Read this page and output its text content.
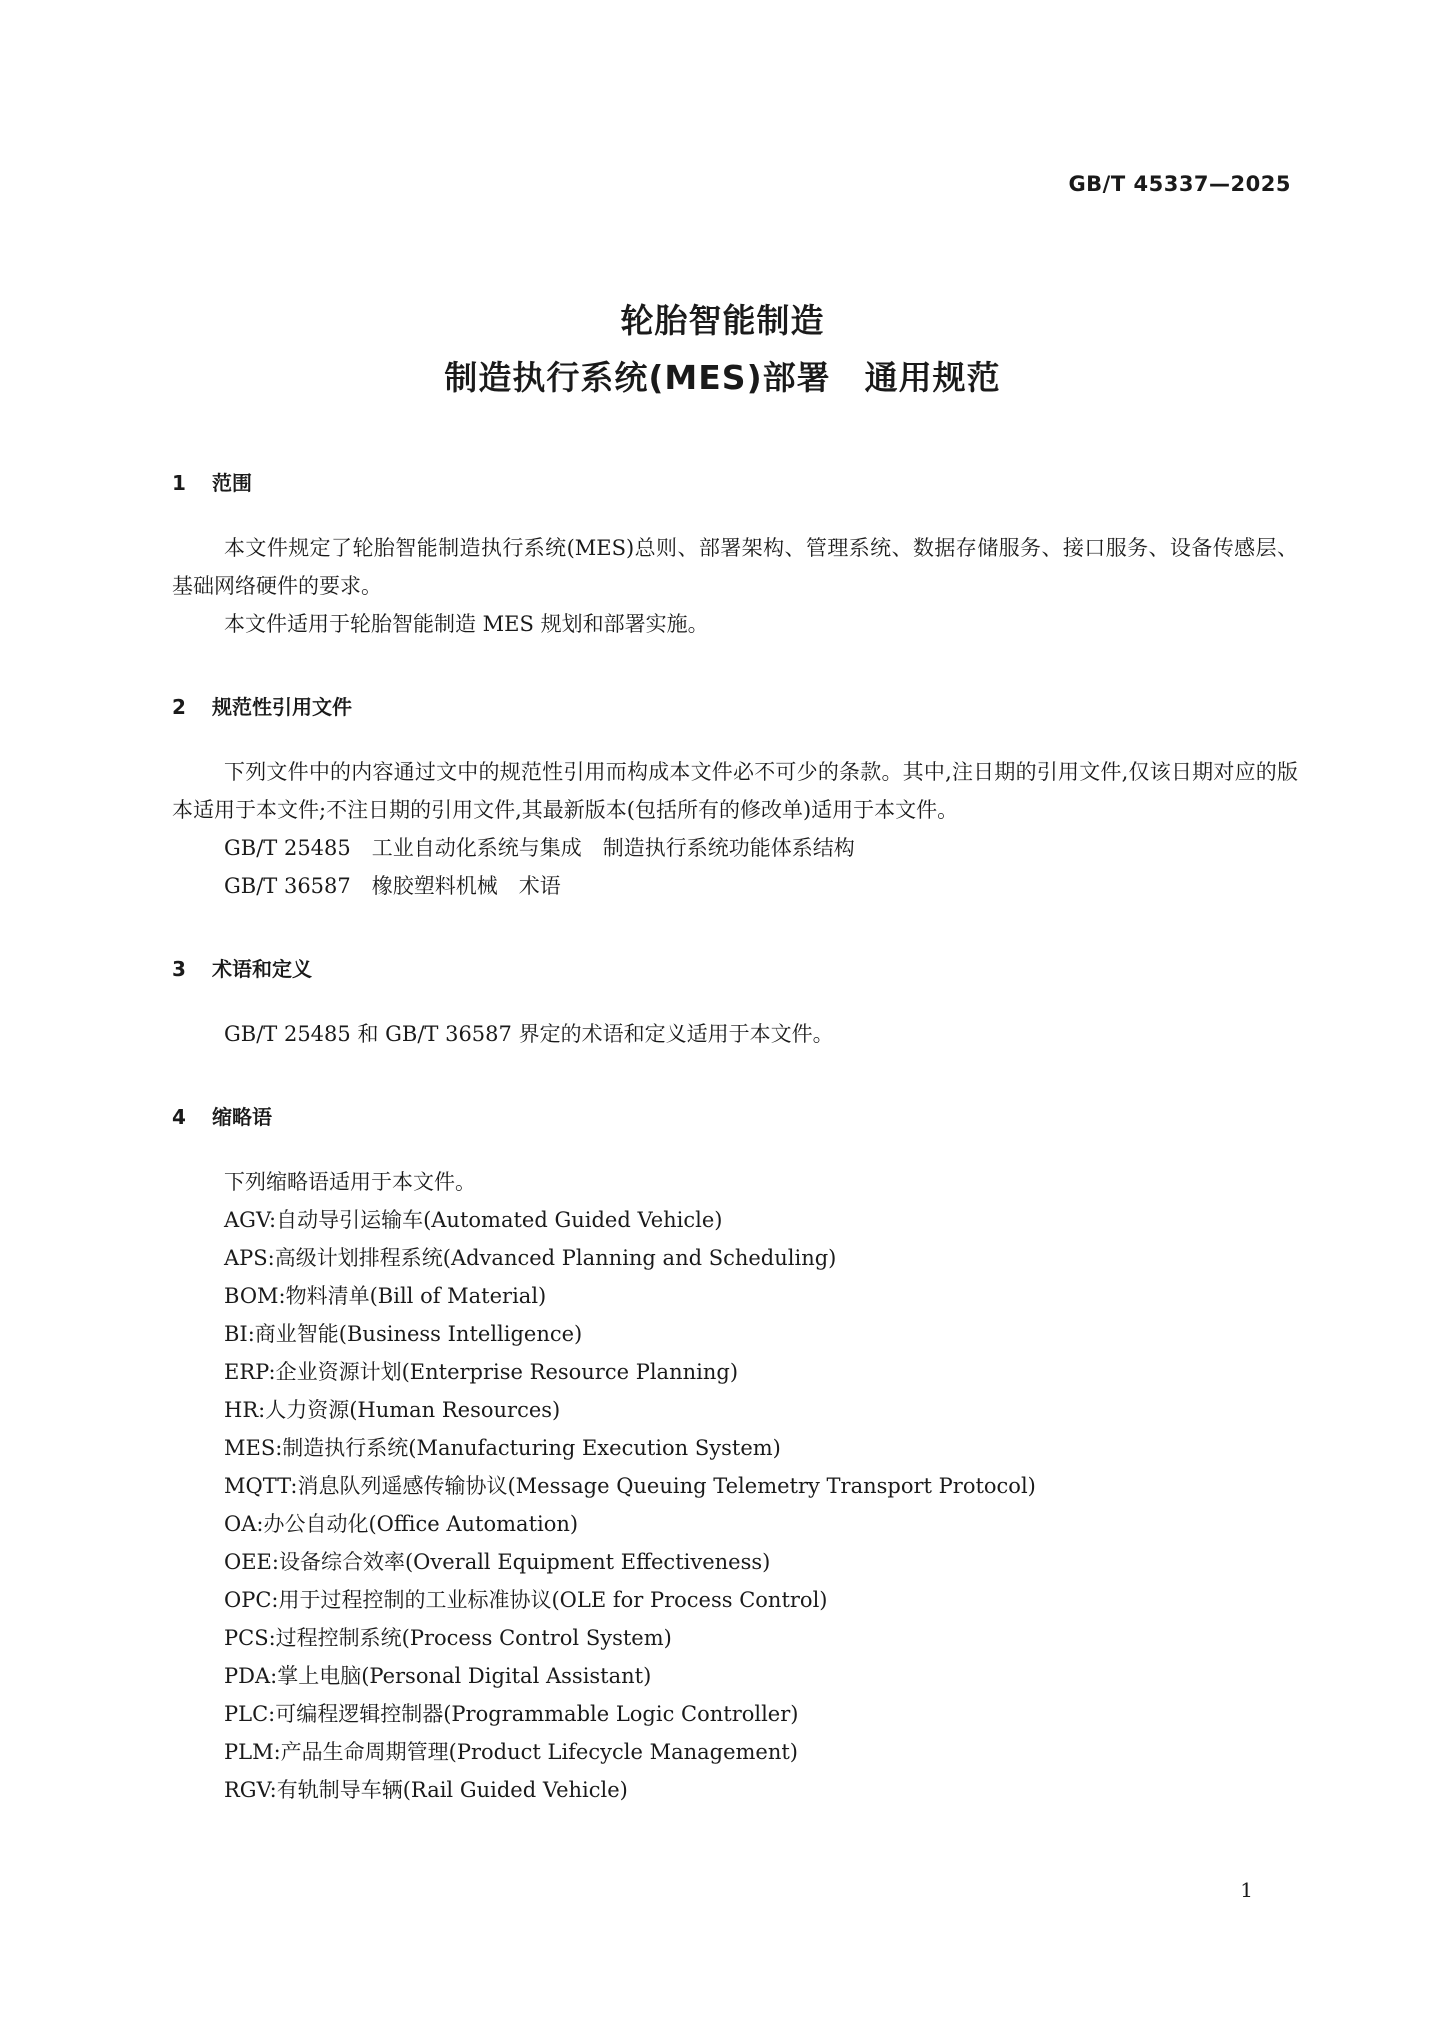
GB/T 45337—2025
轮胎智能制造
制造执行系统(MES)部署　通用规范
1 范围

本文件规定了轮胎智能制造执行系统(MES)总则、部署架构、管理系统、数据存储服务、接口服务、设备传感层、基础网络硬件的要求。

本文件适用于轮胎智能制造 MES 规划和部署实施。

2 规范性引用文件

下列文件中的内容通过文中的规范性引用而构成本文件必不可少的条款。其中,注日期的引用文件,仅该日期对应的版本适用于本文件;不注日期的引用文件,其最新版本(包括所有的修改单)适用于本文件。

GB/T 25485　工业自动化系统与集成　制造执行系统功能体系结构
GB/T 36587　橡胶塑料机械　术语
3 术语和定义

GB/T 25485 和 GB/T 36587 界定的术语和定义适用于本文件。

4 缩略语
下列缩略语适用于本文件。
AGV:自动导引运输车(Automated Guided Vehicle)
APS:高级计划排程系统(Advanced Planning and Scheduling)
BOM:物料清单(Bill of Material)
BI:商业智能(Business Intelligence)
ERP:企业资源计划(Enterprise Resource Planning)
HR:人力资源(Human Resources)
MES:制造执行系统(Manufacturing Execution System)
MQTT:消息队列遥感传输协议(Message Queuing Telemetry Transport Protocol)
OA:办公自动化(Office Automation)
OEE:设备综合效率(Overall Equipment Effectiveness)
OPC:用于过程控制的工业标准协议(OLE for Process Control)
PCS:过程控制系统(Process Control System)
PDA:掌上电脑(Personal Digital Assistant)
PLC:可编程逻辑控制器(Programmable Logic Controller)
PLM:产品生命周期管理(Product Lifecycle Management)
RGV:有轨制导车辆(Rail Guided Vehicle)
1
